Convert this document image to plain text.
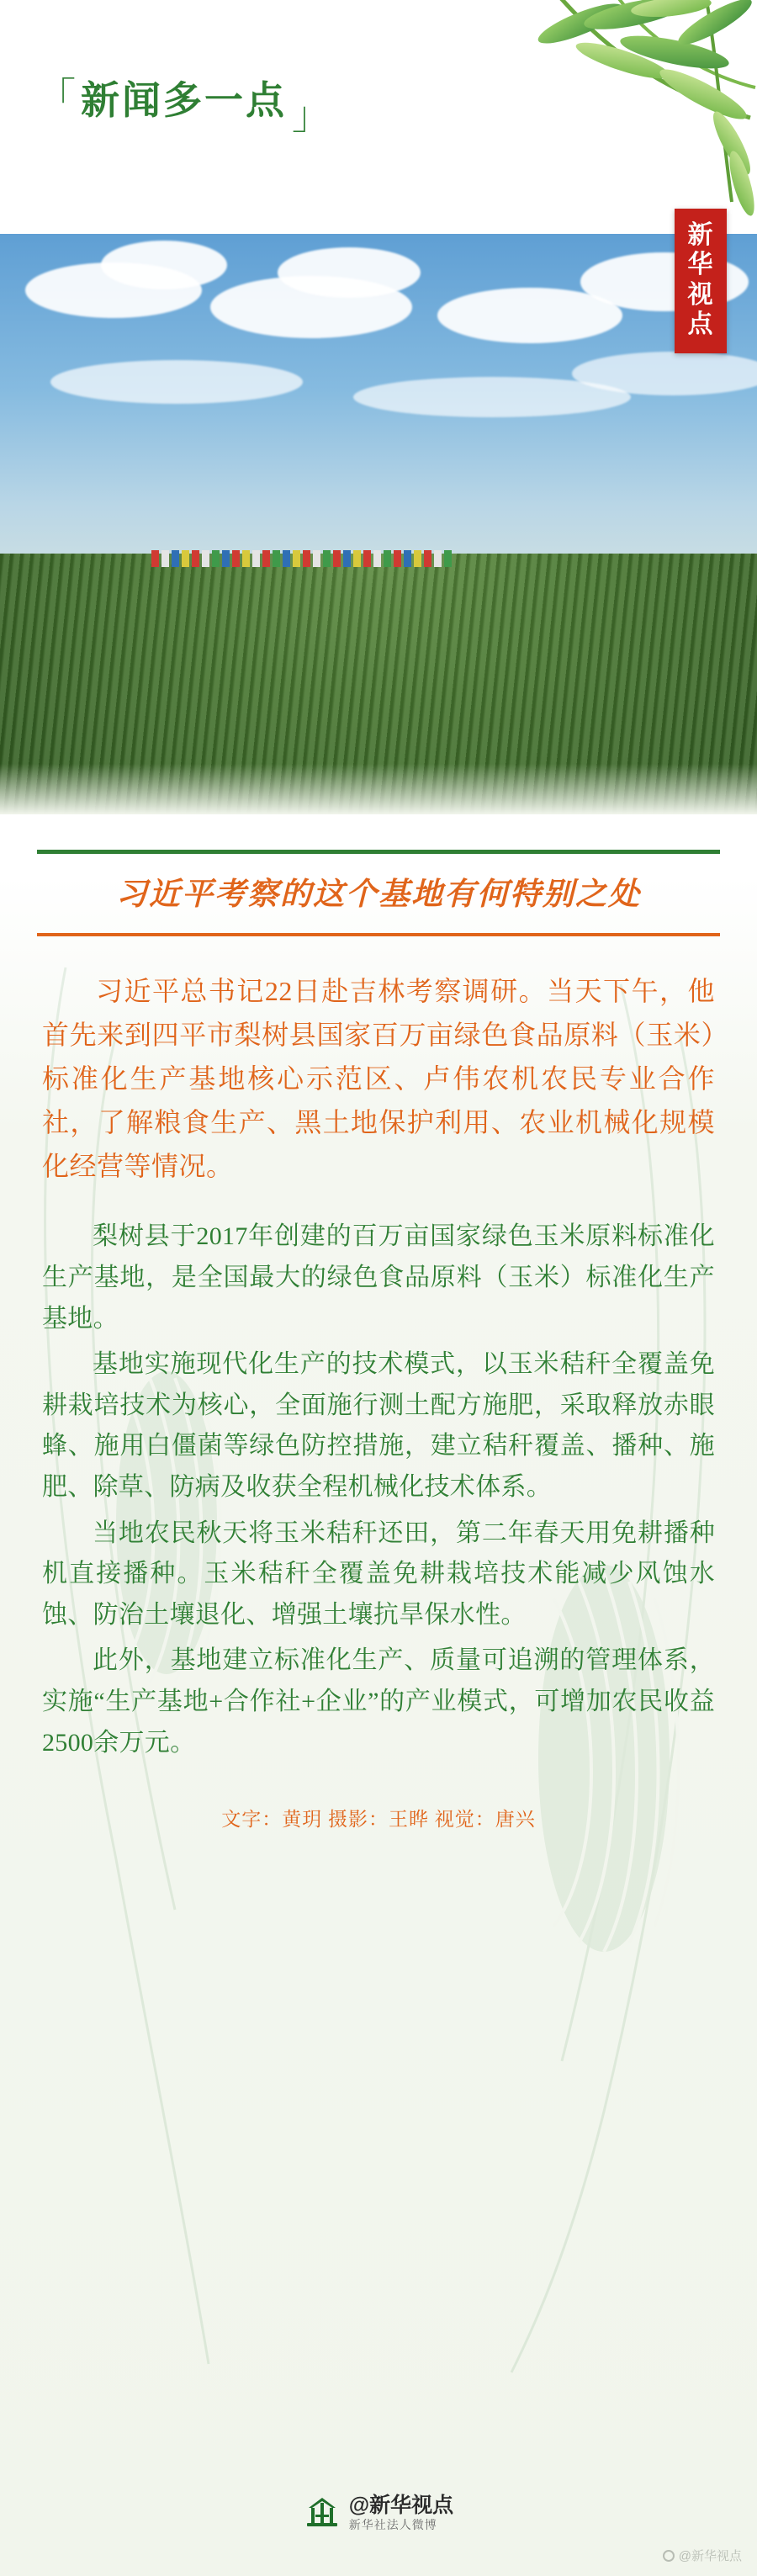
「 新闻多一点 」
新
华
视
点
习近平考察的这个基地有何特别之处
习近平总书记22日赴吉林考察调研。当天下午，他首先来到四平市梨树县国家百万亩绿色食品原料（玉米）标准化生产基地核心示范区、卢伟农机农民专业合作社，了解粮食生产、黑土地保护利用、农业机械化规模化经营等情况。

梨树县于2017年创建的百万亩国家绿色玉米原料标准化生产基地，是全国最大的绿色食品原料（玉米）标准化生产基地。

基地实施现代化生产的技术模式，以玉米秸秆全覆盖免耕栽培技术为核心，全面施行测土配方施肥，采取释放赤眼蜂、施用白僵菌等绿色防控措施，建立秸秆覆盖、播种、施肥、除草、防病及收获全程机械化技术体系。

当地农民秋天将玉米秸秆还田，第二年春天用免耕播种机直接播种。玉米秸秆全覆盖免耕栽培技术能减少风蚀水蚀、防治土壤退化、增强土壤抗旱保水性。

此外，基地建立标准化生产、质量可追溯的管理体系，实施“生产基地+合作社+企业”的产业模式，可增加农民收益2500余万元。

文字：黄玥 摄影：王晔 视觉：唐兴
@新华视点
新华社法人微博
@新华视点
